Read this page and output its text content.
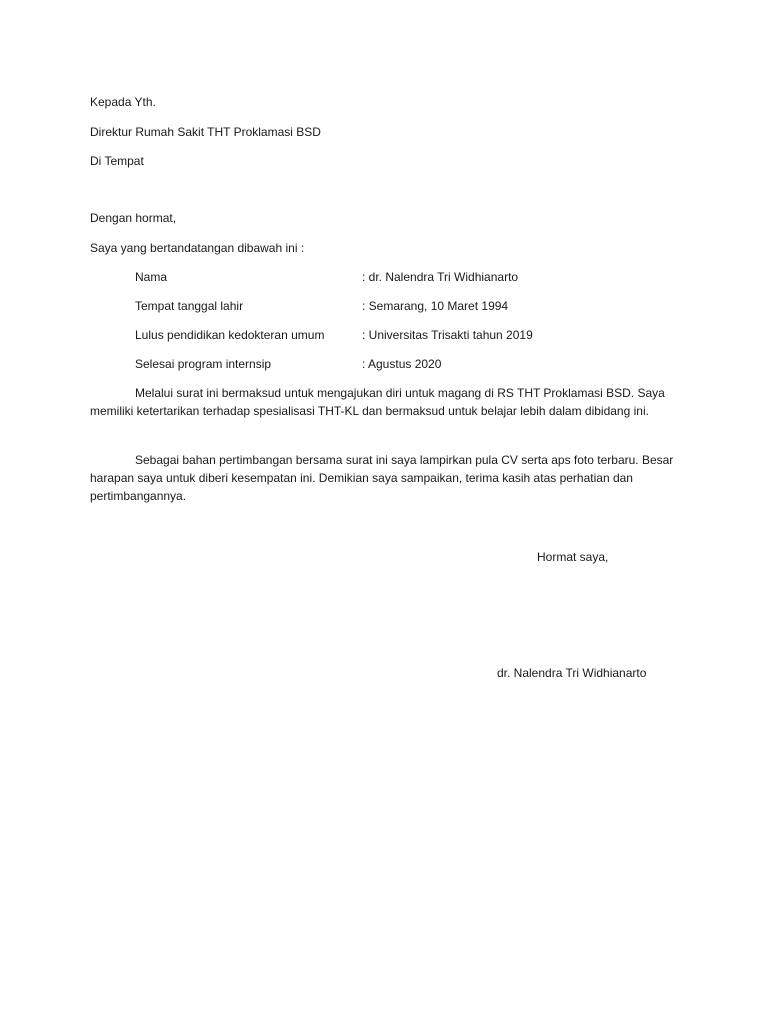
Kepada Yth.
Direktur Rumah Sakit THT Proklamasi BSD
Di Tempat
Dengan hormat,
Saya yang bertandatangan dibawah ini :
Nama	: dr. Nalendra Tri Widhianarto
Tempat tanggal lahir	: Semarang, 10 Maret 1994
Lulus pendidikan kedokteran umum	: Universitas Trisakti tahun 2019
Selesai program internsip	: Agustus 2020
Melalui surat ini bermaksud untuk mengajukan diri untuk magang di RS THT Proklamasi BSD. Saya memiliki ketertarikan terhadap spesialisasi THT-KL dan bermaksud untuk belajar lebih dalam dibidang ini.
Sebagai bahan pertimbangan bersama surat ini saya lampirkan pula CV serta aps foto terbaru. Besar harapan saya untuk diberi kesempatan ini. Demikian saya sampaikan, terima kasih atas perhatian dan pertimbangannya.
Hormat saya,
dr. Nalendra Tri Widhianarto
